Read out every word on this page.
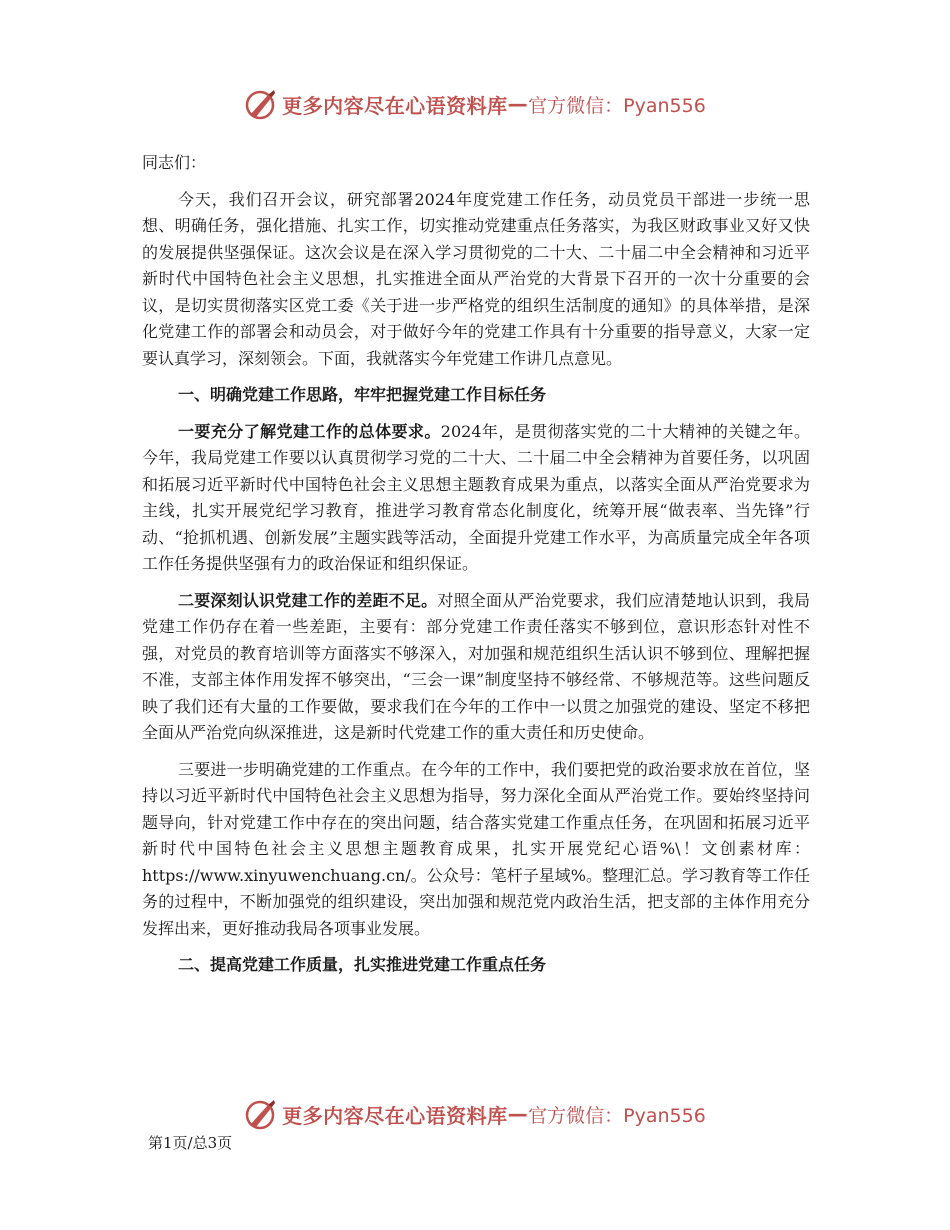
更多内容尽在心语资料库 — 官方微信：Pyan556

同志们：

今天，我们召开会议，研究部署2024年度党建工作任务，动员党员干部进一步统一思想、明确任务，强化措施、扎实工作，切实推动党建重点任务落实，为我区财政事业又好又快的发展提供坚强保证。这次会议是在深入学习贯彻党的二十大、二十届二中全会精神和习近平新时代中国特色社会主义思想，扎实推进全面从严治党的大背景下召开的一次十分重要的会议，是切实贯彻落实区党工委《关于进一步严格党的组织生活制度的通知》的具体举措，是深化党建工作的部署会和动员会，对于做好今年的党建工作具有十分重要的指导意义，大家一定要认真学习，深刻领会。下面，我就落实今年党建工作讲几点意见。

一、明确党建工作思路，牢牢把握党建工作目标任务

一要充分了解党建工作的总体要求。2024年，是贯彻落实党的二十大精神的关键之年。今年，我局党建工作要以认真贯彻学习党的二十大、二十届二中全会精神为首要任务，以巩固和拓展习近平新时代中国特色社会主义思想主题教育成果为重点，以落实全面从严治党要求为主线，扎实开展党纪学习教育，推进学习教育常态化制度化，统筹开展“做表率、当先锋”行动、“抢抓机遇、创新发展”主题实践等活动，全面提升党建工作水平，为高质量完成全年各项工作任务提供坚强有力的政治保证和组织保证。

二要深刻认识党建工作的差距不足。对照全面从严治党要求，我们应清楚地认识到，我局党建工作仍存在着一些差距，主要有：部分党建工作责任落实不够到位，意识形态针对性不强，对党员的教育培训等方面落实不够深入，对加强和规范组织生活认识不够到位、理解把握不准，支部主体作用发挥不够突出，“三会一课”制度坚持不够经常、不够规范等。这些问题反映了我们还有大量的工作要做，要求我们在今年的工作中一以贯之加强党的建设、坚定不移把全面从严治党向纵深推进，这是新时代党建工作的重大责任和历史使命。

三要进一步明确党建的工作重点。在今年的工作中，我们要把党的政治要求放在首位，坚持以习近平新时代中国特色社会主义思想为指导，努力深化全面从严治党工作。要始终坚持问题导向，针对党建工作中存在的突出问题，结合落实党建工作重点任务，在巩固和拓展习近平新时代中国特色社会主义思想主题教育成果，扎实开展党纪心语%\！文创素材库：https://www.xinyuwenchuang.cn/。公众号：笔杆子星域%。整理汇总。学习教育等工作任务的过程中，不断加强党的组织建设，突出加强和规范党内政治生活，把支部的主体作用充分发挥出来，更好推动我局各项事业发展。

二、提高党建工作质量，扎实推进党建工作重点任务

更多内容尽在心语资料库 — 官方微信：Pyan556
第1页/总3页
